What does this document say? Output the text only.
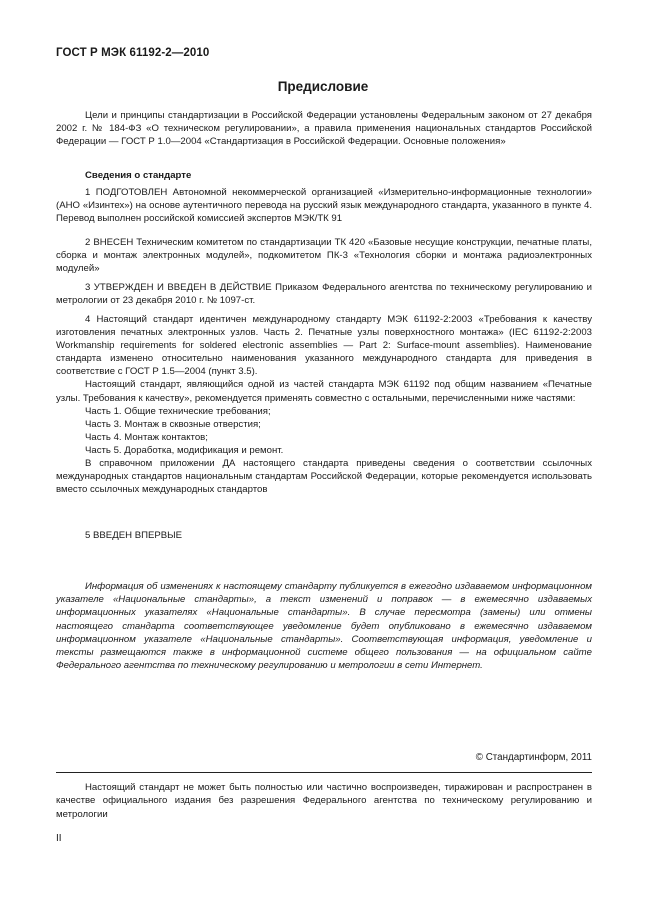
ГОСТ Р МЭК 61192-2—2010
Предисловие

Цели и принципы стандартизации в Российской Федерации установлены Федеральным законом от 27 декабря 2002 г. № 184-ФЗ «О техническом регулировании», а правила применения национальных стандартов Российской Федерации — ГОСТ Р 1.0—2004 «Стандартизация в Российской Федерации. Основные положения»

Сведения о стандарте

1 ПОДГОТОВЛЕН Автономной некоммерческой организацией «Измерительно-информационные технологии» (АНО «Изинтех») на основе аутентичного перевода на русский язык международного стандарта, указанного в пункте 4. Перевод выполнен российской комиссией экспертов МЭК/ТК 91

2 ВНЕСЕН Техническим комитетом по стандартизации ТК 420 «Базовые несущие конструкции, печатные платы, сборка и монтаж электронных модулей», подкомитетом ПК-3 «Технология сборки и монтажа радиоэлектронных модулей»

3 УТВЕРЖДЕН И ВВЕДЕН В ДЕЙСТВИЕ Приказом Федерального агентства по техническому регулированию и метрологии от 23 декабря 2010 г. № 1097-ст.

4 Настоящий стандарт идентичен международному стандарту МЭК 61192-2:2003 «Требования к качеству изготовления печатных электронных узлов. Часть 2. Печатные узлы поверхностного монтажа» (IEC 61192-2:2003 Workmanship requirements for soldered electronic assemblies — Part 2: Surface-mount assemblies). Наименование стандарта изменено относительно наименования указанного международного стандарта для приведения в соответствие с ГОСТ Р 1.5—2004 (пункт 3.5).

Настоящий стандарт, являющийся одной из частей стандарта МЭК 61192 под общим названием «Печатные узлы. Требования к качеству», рекомендуется применять совместно с остальными, перечисленными ниже частями:

Часть 1. Общие технические требования;

Часть 3. Монтаж в сквозные отверстия;

Часть 4. Монтаж контактов;

Часть 5. Доработка, модификация и ремонт.

В справочном приложении ДА настоящего стандарта приведены сведения о соответствии ссылочных международных стандартов национальным стандартам Российской Федерации, которые рекомендуется использовать вместо ссылочных международных стандартов

5 ВВЕДЕН ВПЕРВЫЕ

Информация об изменениях к настоящему стандарту публикуется в ежегодно издаваемом информационном указателе «Национальные стандарты», а текст изменений и поправок — в ежемесячно издаваемых информационных указателях «Национальные стандарты». В случае пересмотра (замены) или отмены настоящего стандарта соответствующее уведомление будет опубликовано в ежемесячно издаваемом информационном указателе «Национальные стандарты». Соответствующая информация, уведомление и тексты размещаются также в информационной системе общего пользования — на официальном сайте Федерального агентства по техническому регулированию и метрологии в сети Интернет.

© Стандартинформ, 2011

Настоящий стандарт не может быть полностью или частично воспроизведен, тиражирован и распространен в качестве официального издания без разрешения Федерального агентства по техническому регулированию и метрологии

II
